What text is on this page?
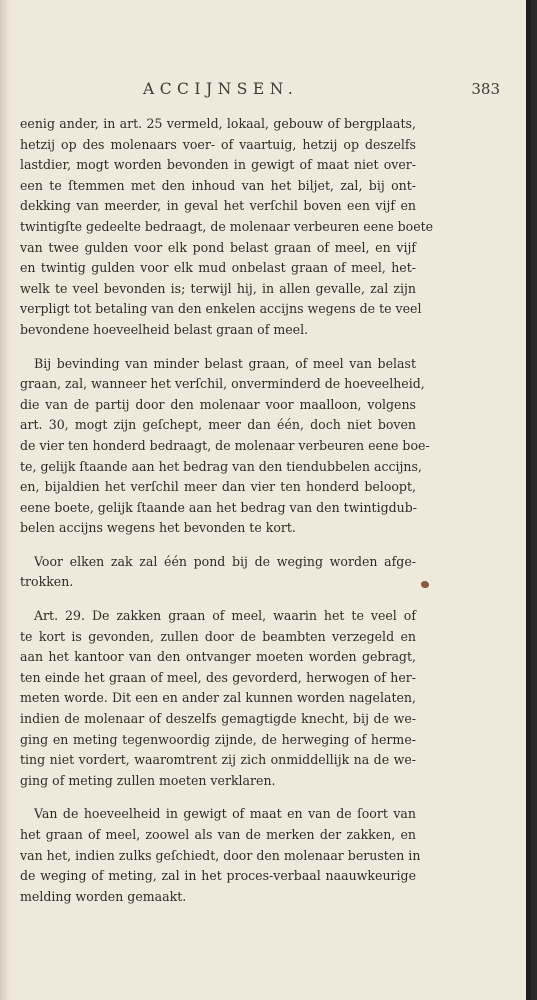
ACCIJNSEN.	383
eenig ander, in art. 25 vermeld, lokaal, gebouw of bergplaats,
hetzij op des molenaars voer- of vaartuig, hetzij op deszelfs
lastdier, mogt worden bevonden in gewigt of maat niet over-
een te ſtemmen met den inhoud van het biljet, zal, bij ont-
dekking van meerder, in geval het verſchil boven een vijf en
twintigſte gedeelte bedraagt, de molenaar verbeuren eene boete
van twee gulden voor elk pond belast graan of meel, en vijf
en twintig gulden voor elk mud onbelast graan of meel, het-
welk te veel bevonden is; terwijl hij, in allen gevalle, zal zijn
verpligt tot betaling van den enkelen accijns wegens de te veel
bevondene hoeveelheid belast graan of meel.
Bij bevinding van minder belast graan, of meel van belast
graan, zal, wanneer het verſchil, onverminderd de hoeveelheid,
die van de partij door den molenaar voor maalloon, volgens
art. 30, mogt zijn geſchept, meer dan één, doch niet boven
de vier ten honderd bedraagt, de molenaar verbeuren eene boe-
te, gelijk ſtaande aan het bedrag van den tiendubbelen accijns,
en, bijaldien het verſchil meer dan vier ten honderd beloopt,
eene boete, gelijk ſtaande aan het bedrag van den twintigdub-
belen accijns wegens het bevonden te kort.
Voor elken zak zal één pond bij de weging worden afge-
trokken.
Art. 29. De zakken graan of meel, waarin het te veel of
te kort is gevonden, zullen door de beambten verzegeld en
aan het kantoor van den ontvanger moeten worden gebragt,
ten einde het graan of meel, des gevorderd, herwogen of her-
meten worde. Dit een en ander zal kunnen worden nagelaten,
indien de molenaar of deszelfs gemagtigde knecht, bij de we-
ging en meting tegenwoordig zijnde, de herweging of herme-
ting niet vordert, waaromtrent zij zich onmiddellijk na de we-
ging of meting zullen moeten verklaren.
Van de hoeveelheid in gewigt of maat en van de ſoort van
het graan of meel, zoowel als van de merken der zakken, en
van het, indien zulks geſchiedt, door den molenaar berusten in
de weging of meting, zal in het proces-verbaal naauwkeurige
melding worden gemaakt.
